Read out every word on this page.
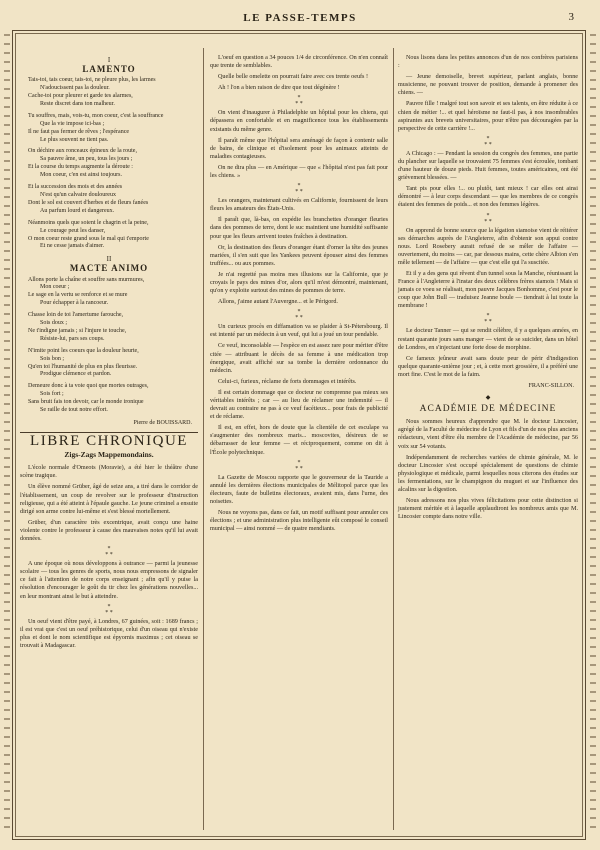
LE PASSE-TEMPS	3
I
LAMENTO
Tais-toi, tais coeur, tais-toi, ne pleure plus, les larmes
N'adoucissent pas la douleur.
Cache-toi pour pleurer et garde tes alarmes,
Reste discret dans ton malheur.
Tu souffres, mais, vois-tu, mon coeur, c'est la souffrance
Que la vie impose ici-bas ;
Il ne faut pas fermer de rêves ; l'espérance
Le plus souvent ne tient pas.
On déchire aux ronceaux épineux de la route,
Sa pauvre âme, un peu, tous les jours ;
Et la course du temps augmente la déroute :
Mon coeur, c'en est ainsi toujours.
Et la succession des mois et des années
N'est qu'un calvaire douloureux
Dont le sol est couvert d'herbes et de fleurs fanées
Au parfum lourd et dangereux.
Néanmoins quels que soient le chagrin et la peine,
Le courage peut les danser,
O mon coeur reste grand sous le mal qui t'emporte
Et ne cesse jamais d'aimer.
II
MACTE ANIMO
Allons porte la chaîne et souffre sans murmures,
Mon coeur ;
Le sage en la vertu se renforce et se mure
Pour échapper à la rancoeur.
Chasse loin de toi l'amertume farouche,
Sois doux ;
Ne t'indigne jamais ; si l'injure te touche,
Résiste-lui, pars ses coups.
N'imite point les coeurs que la douleur heurte,
Sois bon ;
Qu'en toi l'humanité de plus en plus fleurisse.
Prodigue clémence et pardon.
Demeure donc à ta voie quoi que mortes outrages,
Sois fort ;
Sans bruit fais ton devoir, car le monde ironique
Se raille de tout notre effort.
Pierre de BOUISSARD.
LIBRE CHRONIQUE
Zigs-Zags Mappemondains.

L'école normale d'Omeots (Moravie), a été hier le théâtre d'une scène tragique.

Un élève nommé Grüber, âgé de seize ans, a tiré dans le corridor de l'établissement, un coup de revolver sur le professeur d'instruction religieuse, qui a été atteint à l'épaule gauche. Le jeune criminel a ensuite dirigé son arme contre lui-même et s'est blessé mortellement.

Grüber, d'un caractère très excentrique, avait conçu une haine violente contre le professeur à cause des mauvaises notes qu'il lui avait données.

*
* *

A une époque où nous développons à outrance — parmi la jeunesse scolaire — tous les genres de sports, nous nous empressons de signaler ce fait à l'attention de notre corps enseignant ; afin qu'il y puise la résolution d'encourager le goût du tir chez les générations nouvelles... en leur montrant ainsi le but à atteindre.

*
* *

Un oeuf vient d'être payé, à Londres, 67 guinées, soit : 1689 francs ; il est vrai que c'est un oeuf préhistorique, celui d'un oiseau qui n'existe plus et dont le nom scientifique est épyornis maximus ; cet oiseau se trouvait à Madagascar.

L'oeuf en question a 34 pouces 1/4 de circonférence. On n'en connaît que trente de semblables.

Quelle belle omelette on pourrait faire avec ces trente oeufs !

Ah ! l'on a bien raison de dire que tout dégénère !

*
* *

On vient d'inaugurer à Philadelphie un hôpital pour les chiens, qui dépassera en confortable et en magnificence tous les établissements existants du même genre.

Il paraît même que l'hôpital sera aménagé de façon à contenir salle de bains, de clinique et d'isolement pour les animaux atteints de maladies contagieuses.

On ne dira plus — en Amérique — que « l'hôpital n'est pas fait pour les chiens. »

*
* *

Les orangers, maintenant cultivés en Californie, fournissent de leurs fleurs les amateurs des États-Unis.

Il paraît que, là-bas, on expédie les branchettes d'oranger fleuries dans des pommes de terre, dont le suc maintient une humidité suffisante pour que les fleurs arrivent toutes fraîches à destination.

Or, la destination des fleurs d'oranger étant d'orner la tête des jeunes mariées, il s'en suit que les Yankees peuvent épouser ainsi des femmes truffées... ou aux pommes.

Je n'ai regretté pas moins mes illusions sur la Californie, que je croyais le pays des mines d'or, alors qu'il m'est démontré, maintenant, qu'on y exploite surtout des mines de pommes de terre.

Allons, j'aime autant l'Auvergne... et le Périgord.

*
* *

Un curieux procès en diffamation va se plaider à St-Pétersbourg. Il est intenté par un médecin à un veuf, qui lui a joué un tour pendable.

Ce veuf, inconsolable — l'espèce en est assez rare pour mériter d'être citée — attribuant le décès de sa femme à une médication trop énergique, avait affiché sur sa tombe la dernière ordonnance du médecin.

Celui-ci, furieux, réclame de forts dommages et intérêts.

Il est certain dommage que ce docteur ne comprenne pas mieux ses véritables intérêts ; car — au lieu de réclamer une indemnité — il devrait au contraire ne pas à ce veuf facétieux... pour frais de publicité et de réclame.

Il est, en effet, hors de doute que la clientèle de cet esculape va s'augmenter des nombreux maris... moscovites, désireux de se débarrasser de leur femme — et réciproquement, comme on dit à l'École polytechnique.

*
* *

La Gazette de Moscou rapporte que le gouverneur de la Tauride a annulé les dernières élections municipales de Mélitopol parce que les électeurs, faute de bulletins électoraux, avaient mis, dans l'urne, des noisettes.

Nous ne voyons pas, dans ce fait, un motif suffisant pour annuler ces élections ; et une administration plus intelligente eût composé le conseil municipal — ainsi nommé — de quatre mendiants.

Nous lisons dans les petites annonces d'un de nos confrères parisiens :

— Jeune demoiselle, brevet supérieur, parlant anglais, bonne musicienne, ne pouvant trouver de position, demande à promener des chiens. —

Pauvre fille ! malgré tout son savoir et ses talents, en être réduite à ce chien de métier !... et quel héroïsme ne faut-il pas, à nos insombrables aspirantes aux brevets universitaires, pour n'être pas découragées par la perspective de cette carrière !...

*
* *

A Chicago : — Pendant la session du congrès des femmes, une partie du plancher sur laquelle se trouvaient 75 femmes s'est écroulée, tombant d'une hauteur de douze pieds. Huit femmes, toutes américaines, ont été grièvement blessées. —

Tant pis pour elles !... ou plutôt, tant mieux ! car elles ont ainsi démontré — à leur corps descendant — que les membres de ce congrès étaient des femmes de poids... et non des femmes légères.

*
* *

On apprend de bonne source que la légation siamoise vient de réitérer ses démarches auprès de l'Angleterre, afin d'obtenir son appui contre nous. Lord Rosebery aurait refusé de se mêler de l'affaire — ouvertement, du moins — car, par dessous mains, cette chère Albion s'en mêle tellement — de l'affaire — que c'est elle qui l'a suscitée.

Et il y a des gens qui rêvent d'un tunnel sous la Manche, réunissant la France à l'Angleterre à l'instar des deux célèbres frères siamois ! Mais si jamais ce voeu se réalisait, mon pauvre Jacques Bonhomme, c'est pour le coup que John Bull — traduisez Jeanne boule — tiendrait à lui toute la membrane !

*
* *

Le docteur Tanner — qui se rendit célèbre, il y a quelques années, en restant quarante jours sans manger — vient de se suicider, dans un hôtel de Londres, en s'injectant une forte dose de morphine.

Ce fameux jeûneur avait sans doute peur de périr d'indigestion quelque quarante-unième jour ; et, à cette mort grossière, il a préféré une mort fine. C'est le mot de la faim.

FRANC-SILLON.
◆
ACADÉMIE DE MÉDECINE

Nous sommes heureux d'apprendre que M. le docteur Lincosier, agrégé de la Faculté de médecine de Lyon et fils d'un de nos plus anciens rédacteurs, vient d'être élu membre de l'Académie de médecine, par 56 voix sur 54 votants.

Indépendamment de recherches variées de chimie générale, M. le docteur Lincosier s'est occupé spécialement de questions de chimie physiologique et médicale, parmi lesquelles nous citerons des études sur les fermentations, sur le champignon du muguet et sur l'influence des alcalins sur la digestion.

Nous adressons nos plus vives félicitations pour cette distinction si justement méritée et à laquelle applaudiront les nombreux amis que M. Lincosier compte dans notre ville.
